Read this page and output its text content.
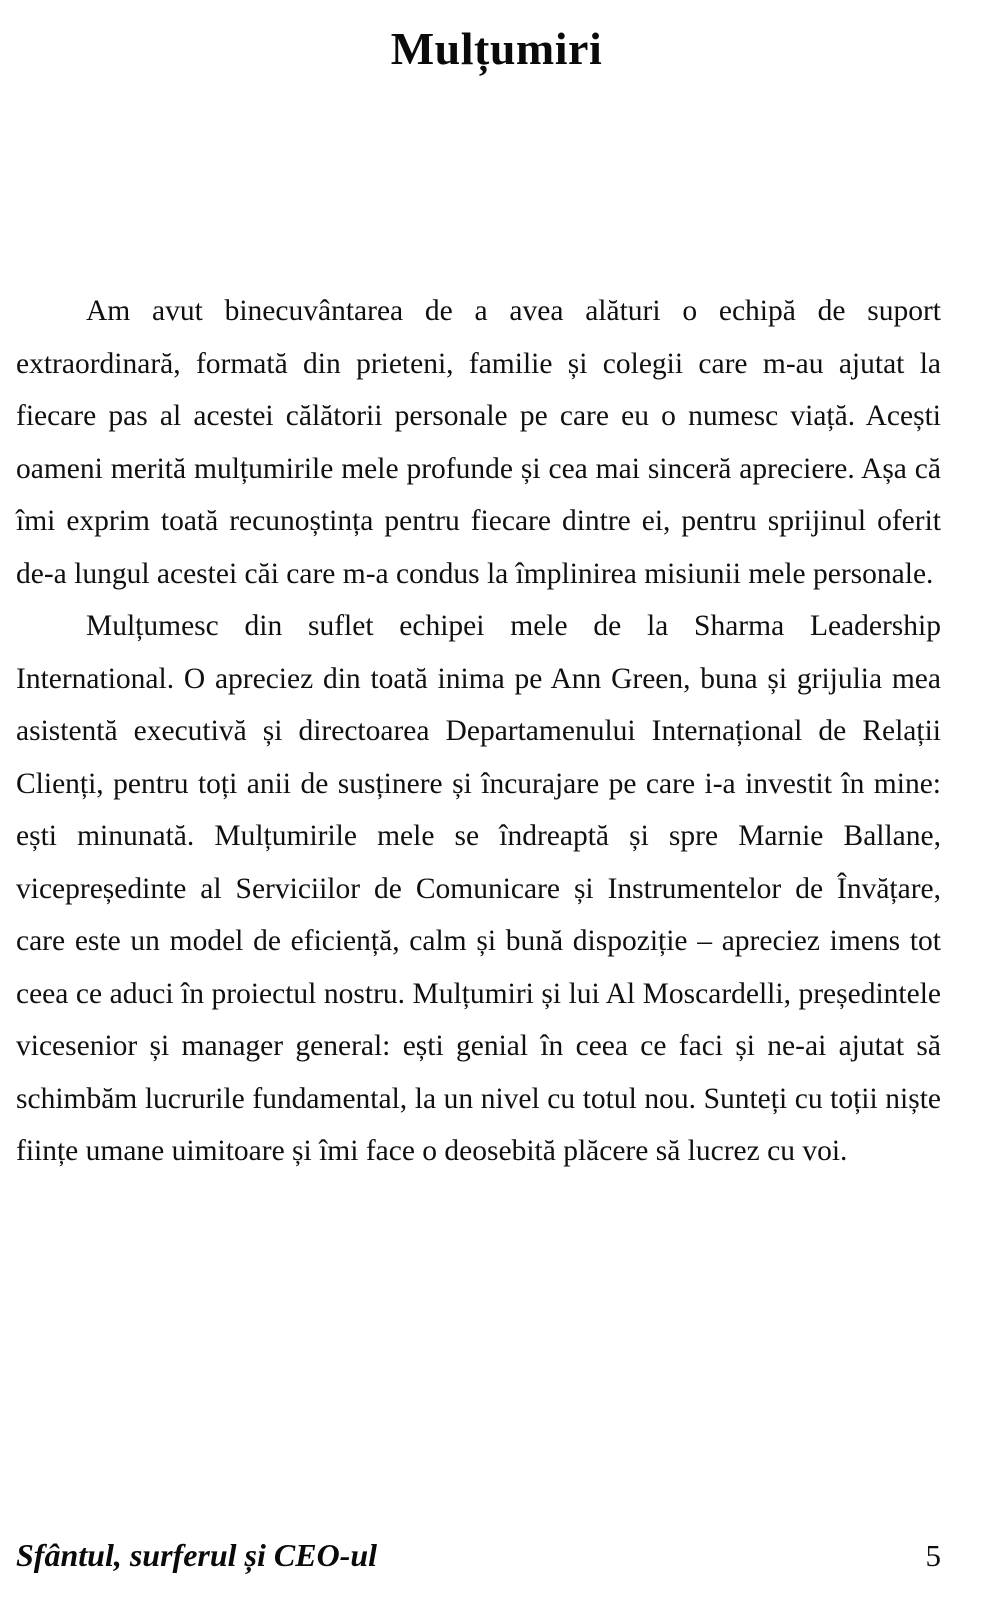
Mulțumiri

Am avut binecuvântarea de a avea alături o echipă de suport extraordinară, formată din prieteni, familie și colegii care m-au ajutat la fiecare pas al acestei călătorii personale pe care eu o numesc viață. Acești oameni merită mulțumirile mele profunde și cea mai sinceră apreciere. Așa că îmi exprim toată recunoștința pentru fiecare dintre ei, pentru sprijinul oferit de-a lungul acestei căi care m-a condus la împlinirea misiunii mele personale.

Mulțumesc din suflet echipei mele de la Sharma Leadership International. O apreciez din toată inima pe Ann Green, buna și grijulia mea asistentă executivă și directoarea Departamenului Internațional de Relații Clienți, pentru toți anii de susținere și încurajare pe care i-a investit în mine: ești minunată. Mulțumirile mele se îndreaptă și spre Marnie Ballane, vicepreședinte al Serviciilor de Comunicare și Instrumentelor de Învățare, care este un model de eficiență, calm și bună dispoziție – apreciez imens tot ceea ce aduci în proiectul nostru. Mulțumiri și lui Al Moscardelli, președintele vicesenior și manager general: ești genial în ceea ce faci și ne-ai ajutat să schimbăm lucrurile fundamental, la un nivel cu totul nou. Sunteți cu toții niște ființe umane uimitoare și îmi face o deosebită plăcere să lucrez cu voi.

Sfântul, surferul și CEO-ul	5
